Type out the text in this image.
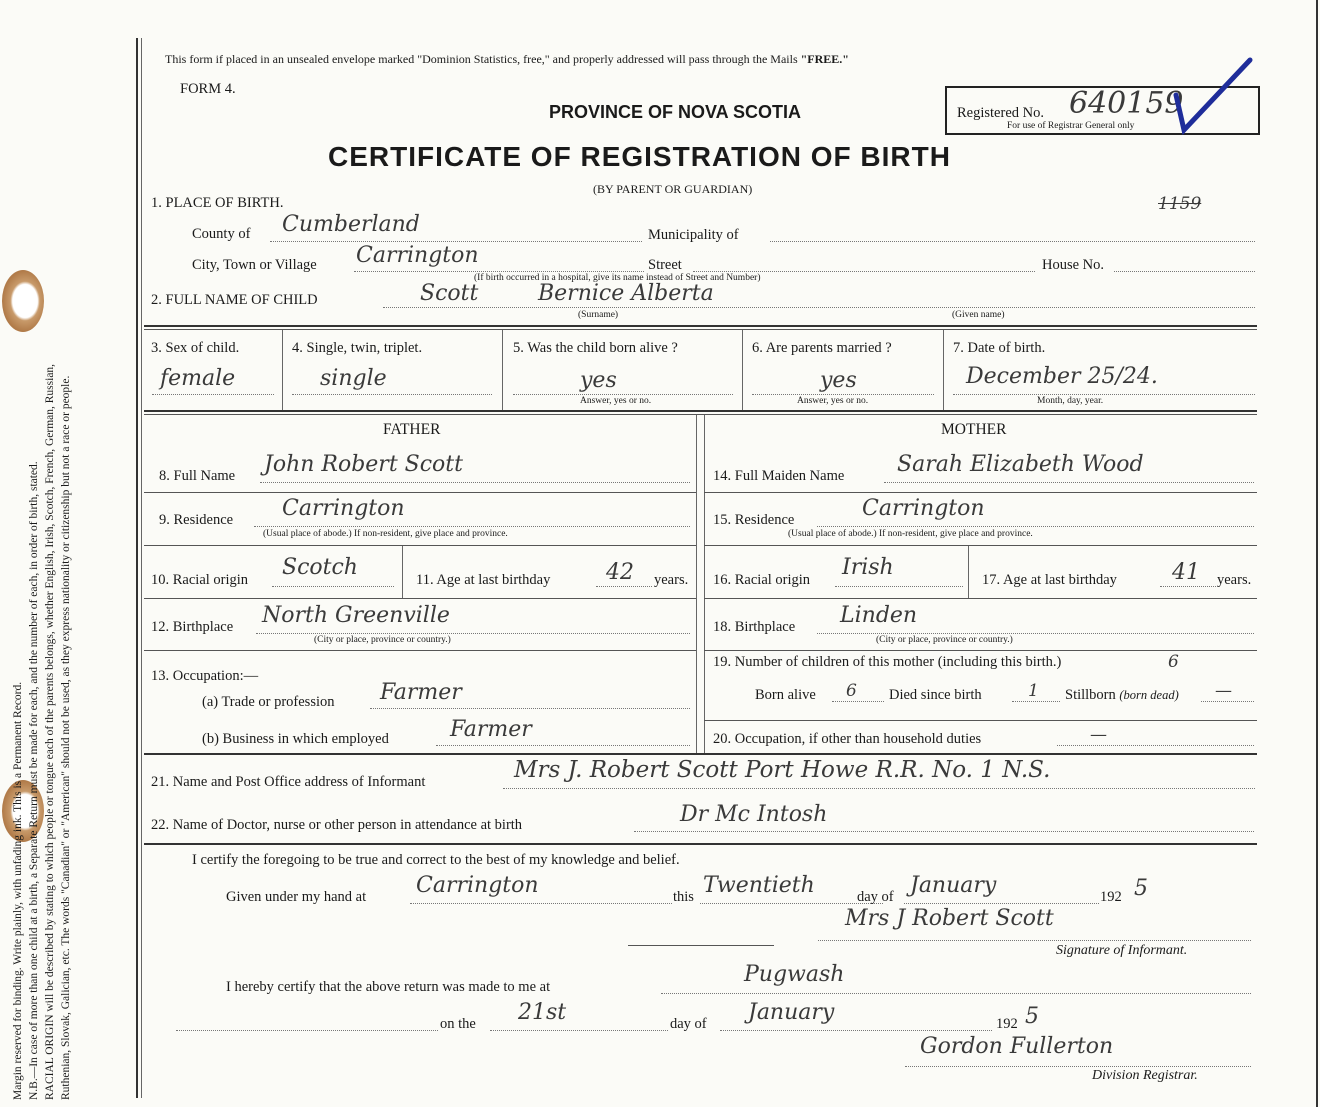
Margin reserved for binding. Write plainly, with unfading ink. This is a Permanent Record. N.B.—In case of more than one child at a birth, a Separate Return must be made for each, and the number of each, in order of birth, stated. RACIAL ORIGIN will be described by stating to which people or tongue each of the parents belongs, whether English, Irish, Scotch, French, German, Russian, Ruthenian, Slovak, Galician, etc. The words "Canadian" or "American" should not be used, as they express nationality or citizenship but not a race or people.
This form if placed in an unsealed envelope marked "Dominion Statistics, free," and properly addressed will pass through the Mails "FREE."
FORM 4.
PROVINCE OF NOVA SCOTIA
CERTIFICATE OF REGISTRATION OF BIRTH
(BY PARENT OR GUARDIAN)
Registered No. 640159
For use of Registrar General only
1159
1. PLACE OF BIRTH.
County of Cumberland	Municipality of
City, Town or Village Carrington	Street
(If birth occurred in a hospital, give its name instead of Street and Number)
House No.
2. FULL NAME OF CHILD	Scott	Bernice Alberta
(Surname)	(Given name)
3. Sex of child.
female
4. Single, twin, triplet.
single
5. Was the child born alive ?
yes
Answer, yes or no.
6. Are parents married ?
yes
Answer, yes or no.
7. Date of birth.
December 25/24.
Month, day, year.
FATHER	MOTHER
8. Full Name John Robert Scott	14. Full Maiden Name Sarah Elizabeth Wood
9. Residence Carrington
(Usual place of abode.) If non-resident, give place and province.
15. Residence	Carrington
(Usual place of abode.) If non-resident, give place and province.
10. Racial origin Scotch	11. Age at last birthday	42 years. 16. Racial origin Irish	17. Age at last birthday	41 years.
12. Birthplace North Greenville
(City or place, province or country.)
18. Birthplace Linden
(City or place, province or country.)
13. Occupation:—
(a) Trade or profession Farmer
(b) Business in which employed	Farmer
19. Number of children of this mother (including this birth.)	6
Born alive 6 Died since birth	1 Stillborn (born dead) —
20. Occupation, if other than household duties	—
21. Name and Post Office address of Informant	Mrs J. Robert Scott Port Howe R.R. No. 1 N.S.
22. Name of Doctor, nurse or other person in attendance at birth	Dr Mc Intosh
I certify the foregoing to be true and correct to the best of my knowledge and belief.
Given under my hand at Carrington	this Twentieth	day of January	192 5
Mrs J Robert Scott
Signature of Informant.
I hereby certify that the above return was made to me at	Pugwash
on the 21st	day of January	192 5
Gordon Fullerton
Division Registrar.
